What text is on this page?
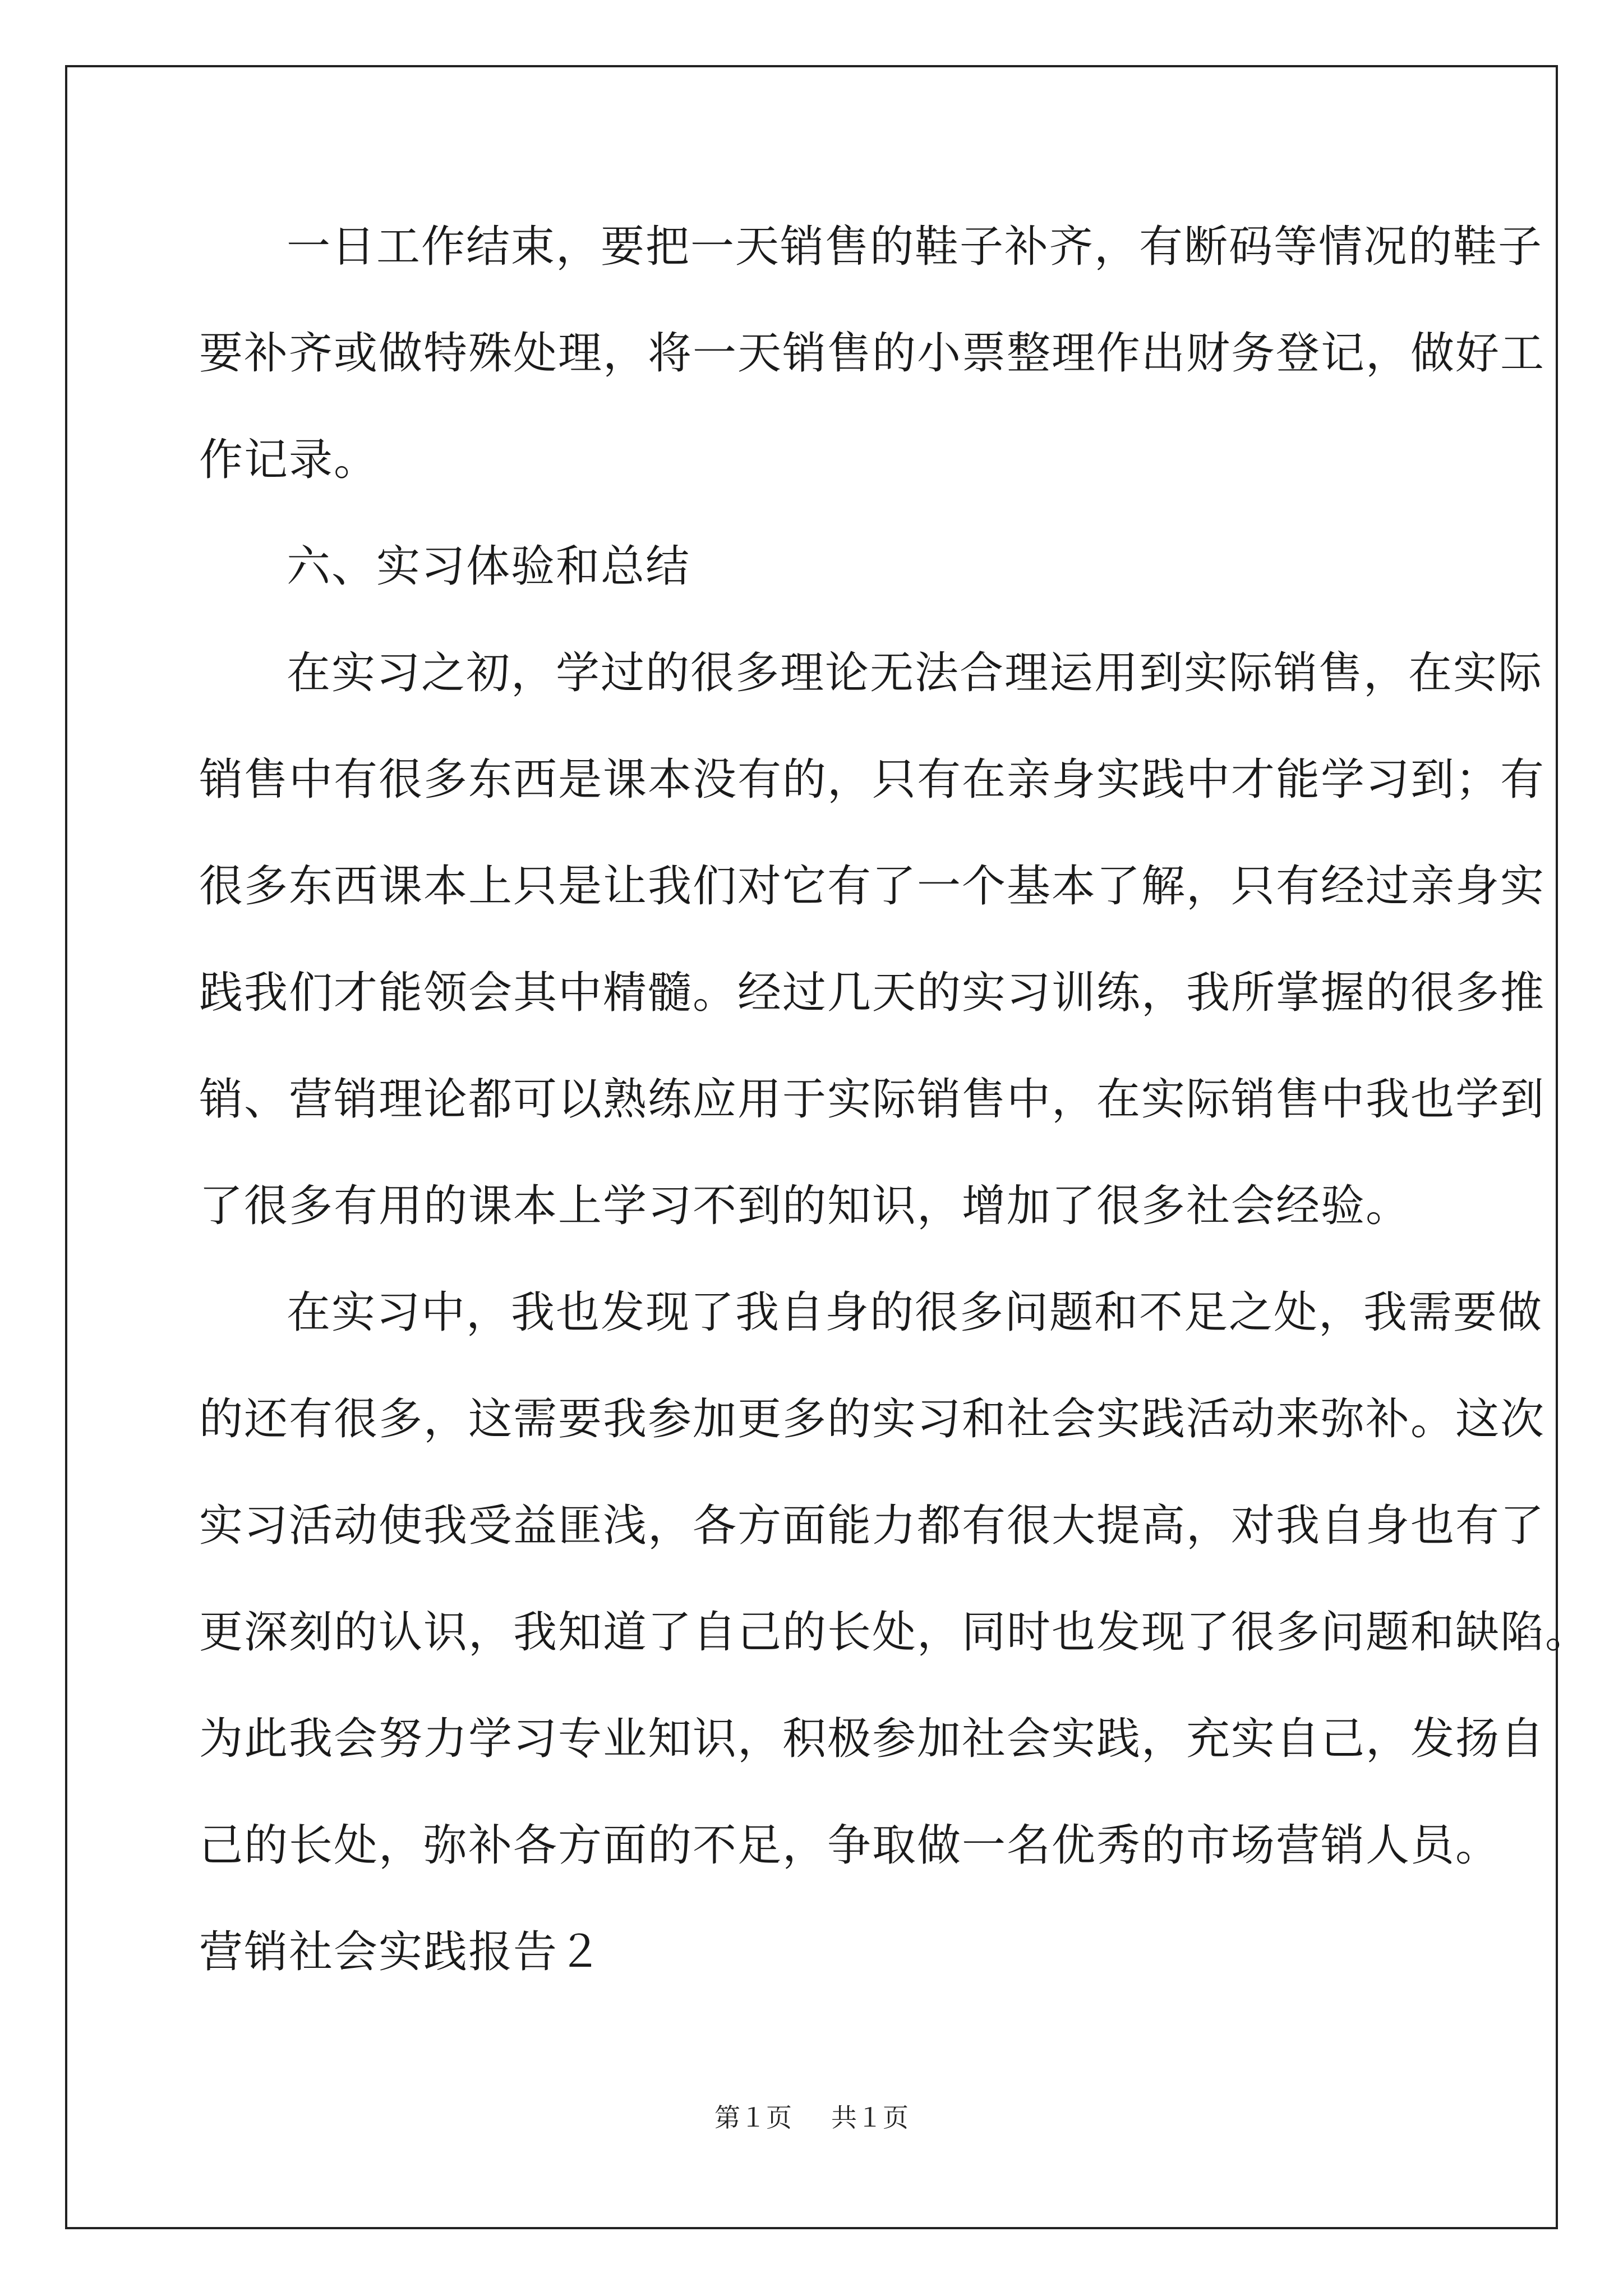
一日工作结束，要把一天销售的鞋子补齐，有断码等情况的鞋子
要补齐或做特殊处理，将一天销售的小票整理作出财务登记，做好工
作记录。
六、实习体验和总结
在实习之初，学过的很多理论无法合理运用到实际销售，在实际
销售中有很多东西是课本没有的，只有在亲身实践中才能学习到；有
很多东西课本上只是让我们对它有了一个基本了解，只有经过亲身实
践我们才能领会其中精髓。经过几天的实习训练，我所掌握的很多推
销、营销理论都可以熟练应用于实际销售中，在实际销售中我也学到
了很多有用的课本上学习不到的知识，增加了很多社会经验。
在实习中，我也发现了我自身的很多问题和不足之处，我需要做
的还有很多，这需要我参加更多的实习和社会实践活动来弥补。这次
实习活动使我受益匪浅，各方面能力都有很大提高，对我自身也有了
更深刻的认识，我知道了自己的长处，同时也发现了很多问题和缺陷。
为此我会努力学习专业知识，积极参加社会实践，充实自己，发扬自
己的长处，弥补各方面的不足，争取做一名优秀的市场营销人员。
营销社会实践报告２
第１页 共１页
